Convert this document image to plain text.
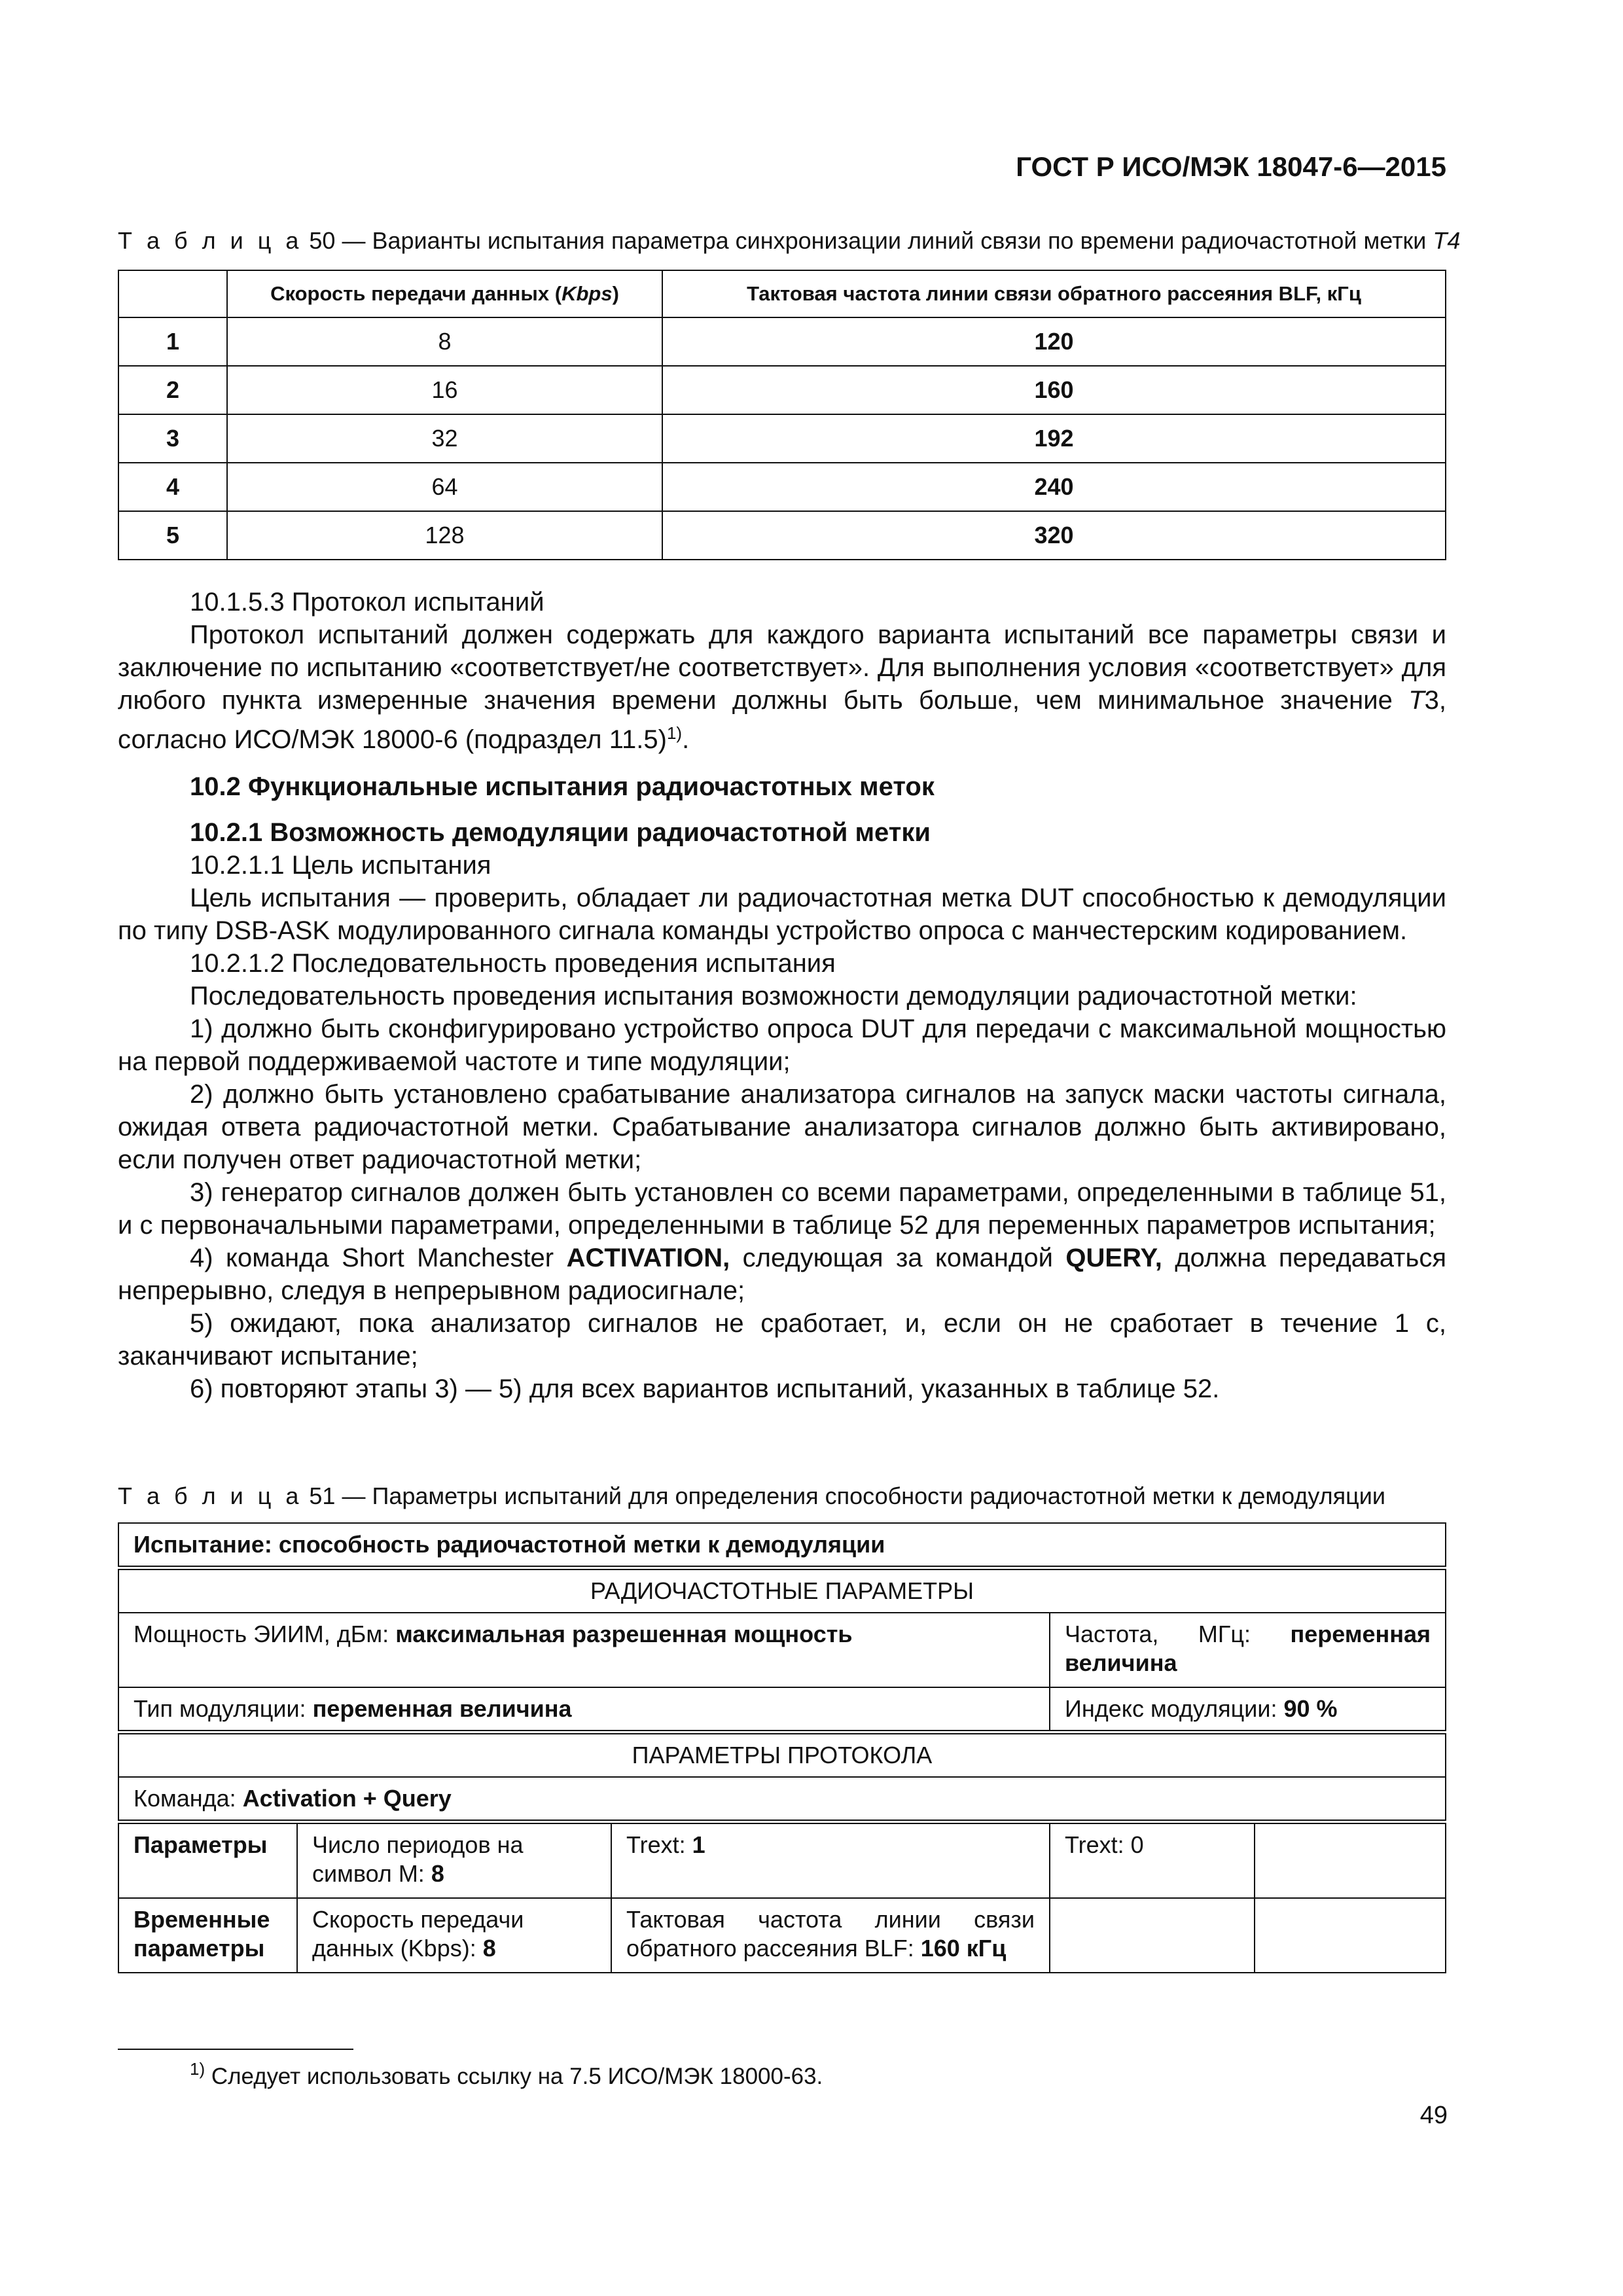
ГОСТ Р ИСО/МЭК 18047-6—2015
Т а б л и ц а 50 — Варианты испытания параметра синхронизации линий связи по времени радиочастотной метки T4
	Скорость передачи данных (Kbps)	Тактовая частота линии связи обратного рассеяния BLF, кГц
1	8	120
2	16	160
3	32	192
4	64	240
5	128	320

10.1.5.3 Протокол испытаний

Протокол испытаний должен содержать для каждого варианта испытаний все параметры связи и заключение по испытанию «соответствует/не соответствует». Для выполнения условия «соответствует» для любого пункта измеренные значения времени должны быть больше, чем минимальное значение T3, согласно ИСО/МЭК 18000-6 (подраздел 11.5)$^{1)}$.

10.2 Функциональные испытания радиочастотных меток

10.2.1 Возможность демодуляции радиочастотной метки

10.2.1.1 Цель испытания

Цель испытания — проверить, обладает ли радиочастотная метка DUT способностью к демодуляции по типу DSB-ASK модулированного сигнала команды устройство опроса с манчестерским кодированием.

10.2.1.2 Последовательность проведения испытания

Последовательность проведения испытания возможности демодуляции радиочастотной метки:

1) должно быть сконфигурировано устройство опроса DUT для передачи с максимальной мощностью на первой поддерживаемой частоте и типе модуляции;

2) должно быть установлено срабатывание анализатора сигналов на запуск маски частоты сигнала, ожидая ответа радиочастотной метки. Срабатывание анализатора сигналов должно быть активировано, если получен ответ радиочастотной метки;

3) генератор сигналов должен быть установлен со всеми параметрами, определенными в таблице 51, и с первоначальными параметрами, определенными в таблице 52 для переменных параметров испытания;

4) команда Short Manchester ACTIVATION, следующая за командой QUERY, должна передаваться непрерывно, следуя в непрерывном радиосигнале;

5) ожидают, пока анализатор сигналов не сработает, и, если он не сработает в течение 1 с, заканчивают испытание;

6) повторяют этапы 3) — 5) для всех вариантов испытаний, указанных в таблице 52.

Т а б л и ц а 51 — Параметры испытаний для определения способности радиочастотной метки к демодуляции
Испытание: способность радиочастотной метки к демодуляции				
РАДИОЧАСТОТНЫЕ ПАРАМЕТРЫ				
Мощность ЭИИМ, дБм: максимальная разрешенная мощность			Частота, МГц: переменная величина	
Тип модуляции: переменная величина			Индекс модуляции: 90 %	
ПАРАМЕТРЫ ПРОТОКОЛА				
Команда: Activation + Query				
Параметры	Число периодов на символ M: 8	Trext: 1	Trext: 0	
Временные параметры	Скорость передачи данных (Kbps): 8	Тактовая частота линии связи обратного рассеяния BLF: 160 кГц		
$^{1)}$ Следует использовать ссылку на 7.5 ИСО/МЭК 18000-63.
49
